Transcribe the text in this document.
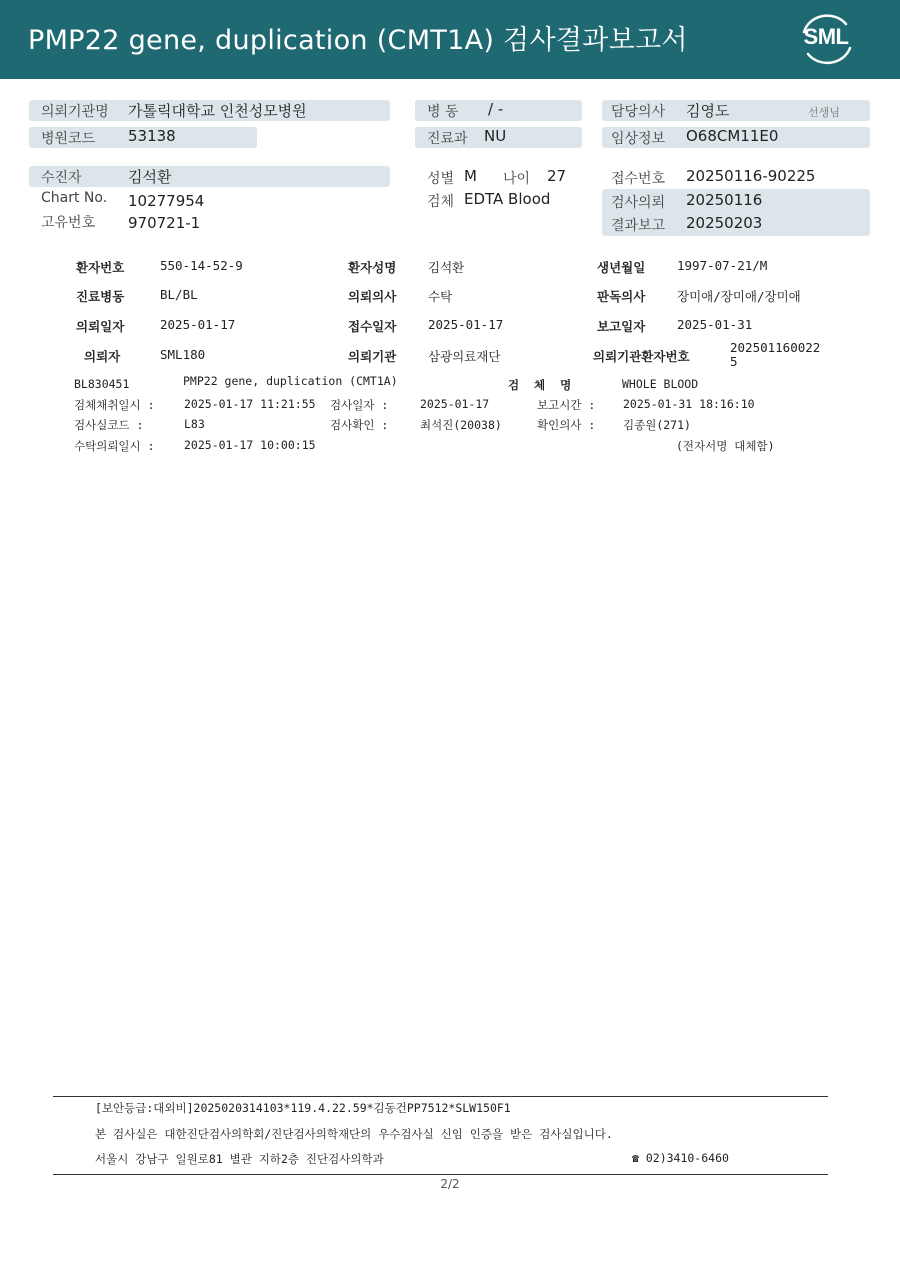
PMP22 gene, duplication (CMT1A) 검사결과보고서	SML
의뢰기관명 가톨릭대학교 인천성모병원
병원코드 53138
수진자	김석환
Chart No. 10277954
고유번호 970721-1
병 동 / -
진료과 NU
성별 M 나이 27
검체 EDTA Blood
담당의사 김영도	선생님
임상정보 O68CM11E0
접수번호 20250116-90225
검사의뢰 20250116
결과보고 20250203
환자번호	550-14-52-9	환자성명	김석환	생년월일	1997-07-21/M
진료병동	BL/BL	의뢰의사	수탁	판독의사	장미애/장미애/장미애
의뢰일자	2025-01-17	접수일자	2025-01-17	보고일자	2025-01-31
의뢰자	SML180	의뢰기관	삼광의료재단	의뢰기관환자번호
202501160022
5
BL830451	PMP22 gene, duplication (CMT1A)	검 체 명	WHOLE BLOOD
검체채취일시 :	2025-01-17 11:21:55 검사일자 :	2025-01-17	보고시간 : 2025-01-31 18:16:10
검사실코드 :	L83	검사확인 :	최석진(20038)	확인의사 : 김종원(271)
수탁의뢰일시 :	2025-01-17 10:00:15	(전자서명 대체함)
[보안등급:대외비]2025020314103*119.4.22.59*김동건PP7512*SLW150F1
본 검사실은 대한진단검사의학회/진단검사의학재단의 우수검사실 신임 인증을 받은 검사실입니다.
서울시 강남구 일원로81 별관 지하2층 진단검사의학과	☎ 02)3410-6460
2/2
